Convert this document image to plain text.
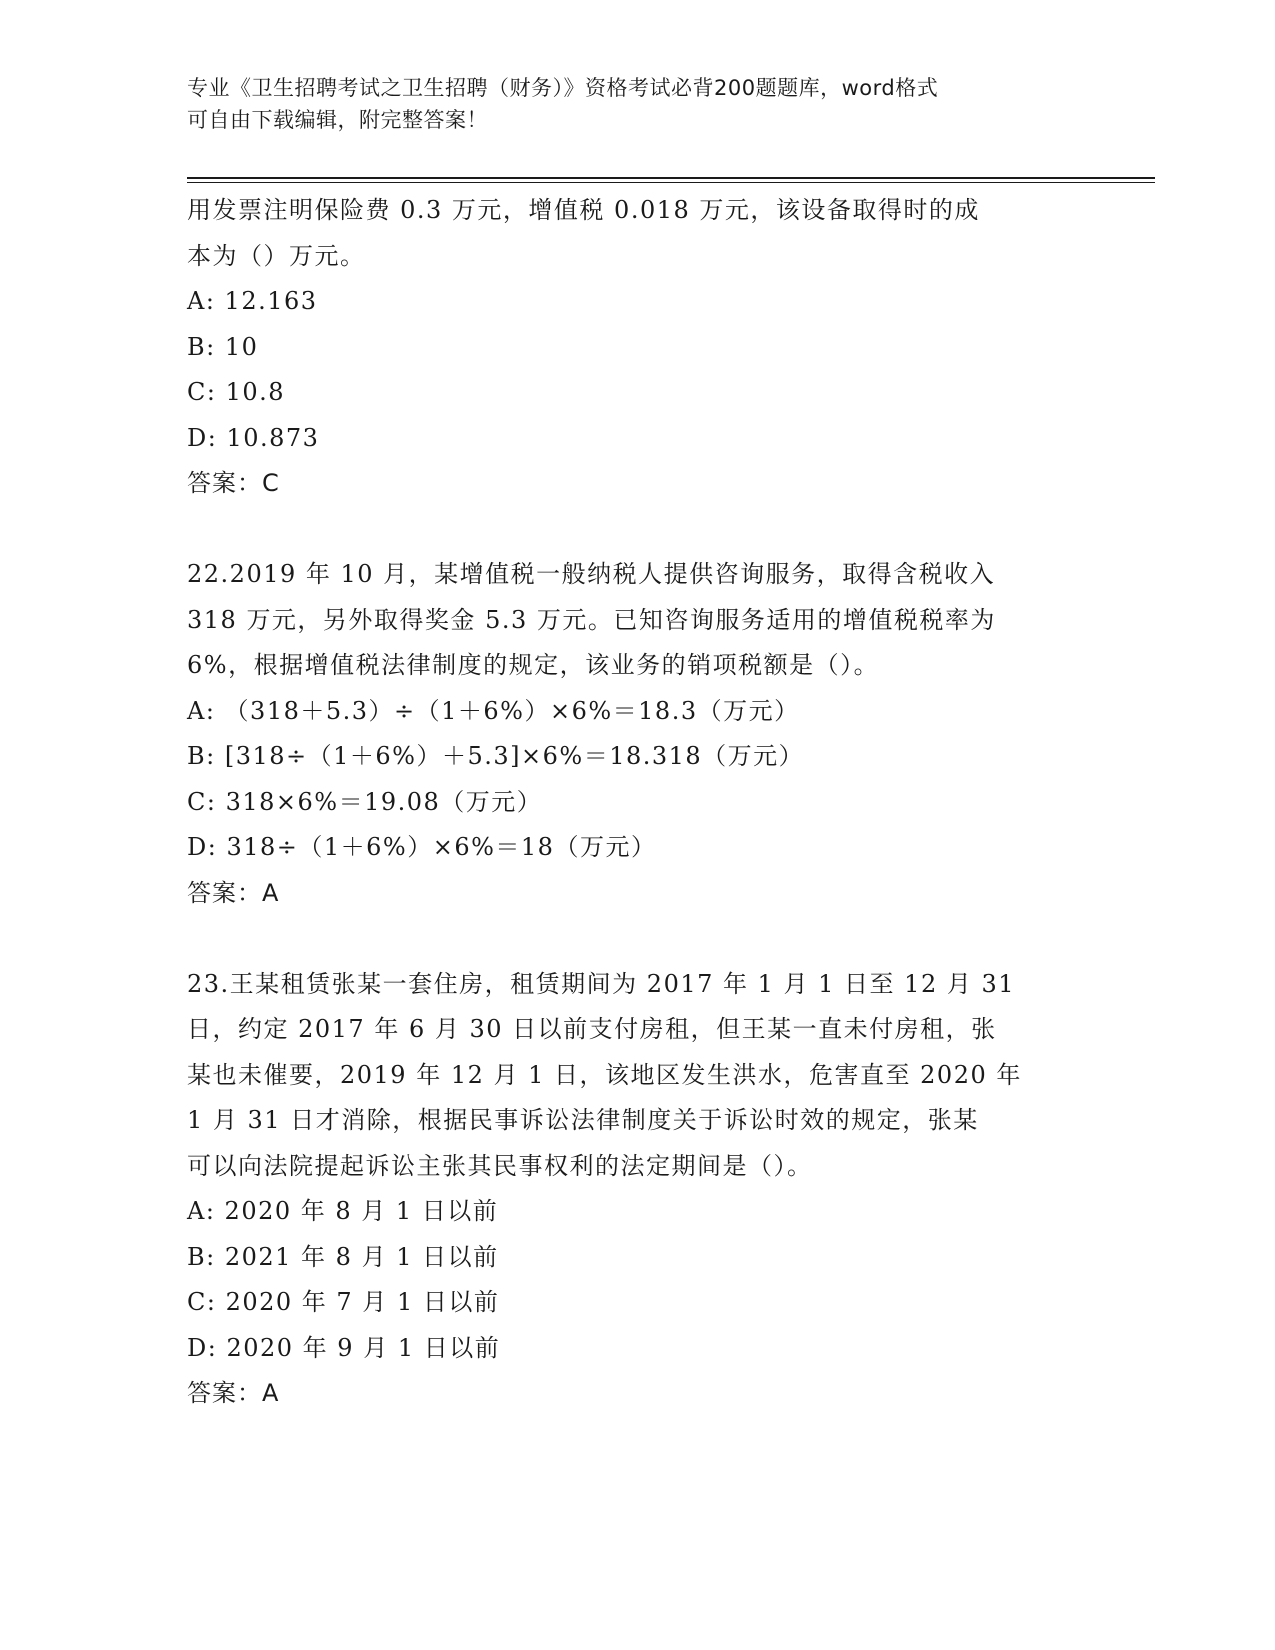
专业《卫生招聘考试之卫生招聘（财务）》资格考试必背200题题库，word格式
可自由下载编辑，附完整答案！
用发票注明保险费 0.3 万元，增值税 0.018 万元，该设备取得时的成
本为（）万元。
A: 12.163
B: 10
C: 10.8
D: 10.873
答案：C
22.2019 年 10 月，某增值税一般纳税人提供咨询服务，取得含税收入
318 万元，另外取得奖金 5.3 万元。已知咨询服务适用的增值税税率为
6%，根据增值税法律制度的规定，该业务的销项税额是（）。
A: （318＋5.3）÷（1＋6%）×6%＝18.3（万元）
B: [318÷（1＋6%）＋5.3]×6%＝18.318（万元）
C: 318×6%＝19.08（万元）
D: 318÷（1＋6%）×6%＝18（万元）
答案：A
23.王某租赁张某一套住房，租赁期间为 2017 年 1 月 1 日至 12 月 31
日，约定 2017 年 6 月 30 日以前支付房租，但王某一直未付房租，张
某也未催要，2019 年 12 月 1 日，该地区发生洪水，危害直至 2020 年
1 月 31 日才消除，根据民事诉讼法律制度关于诉讼时效的规定，张某
可以向法院提起诉讼主张其民事权利的法定期间是（）。
A: 2020 年 8 月 1 日以前
B: 2021 年 8 月 1 日以前
C: 2020 年 7 月 1 日以前
D: 2020 年 9 月 1 日以前
答案：A
